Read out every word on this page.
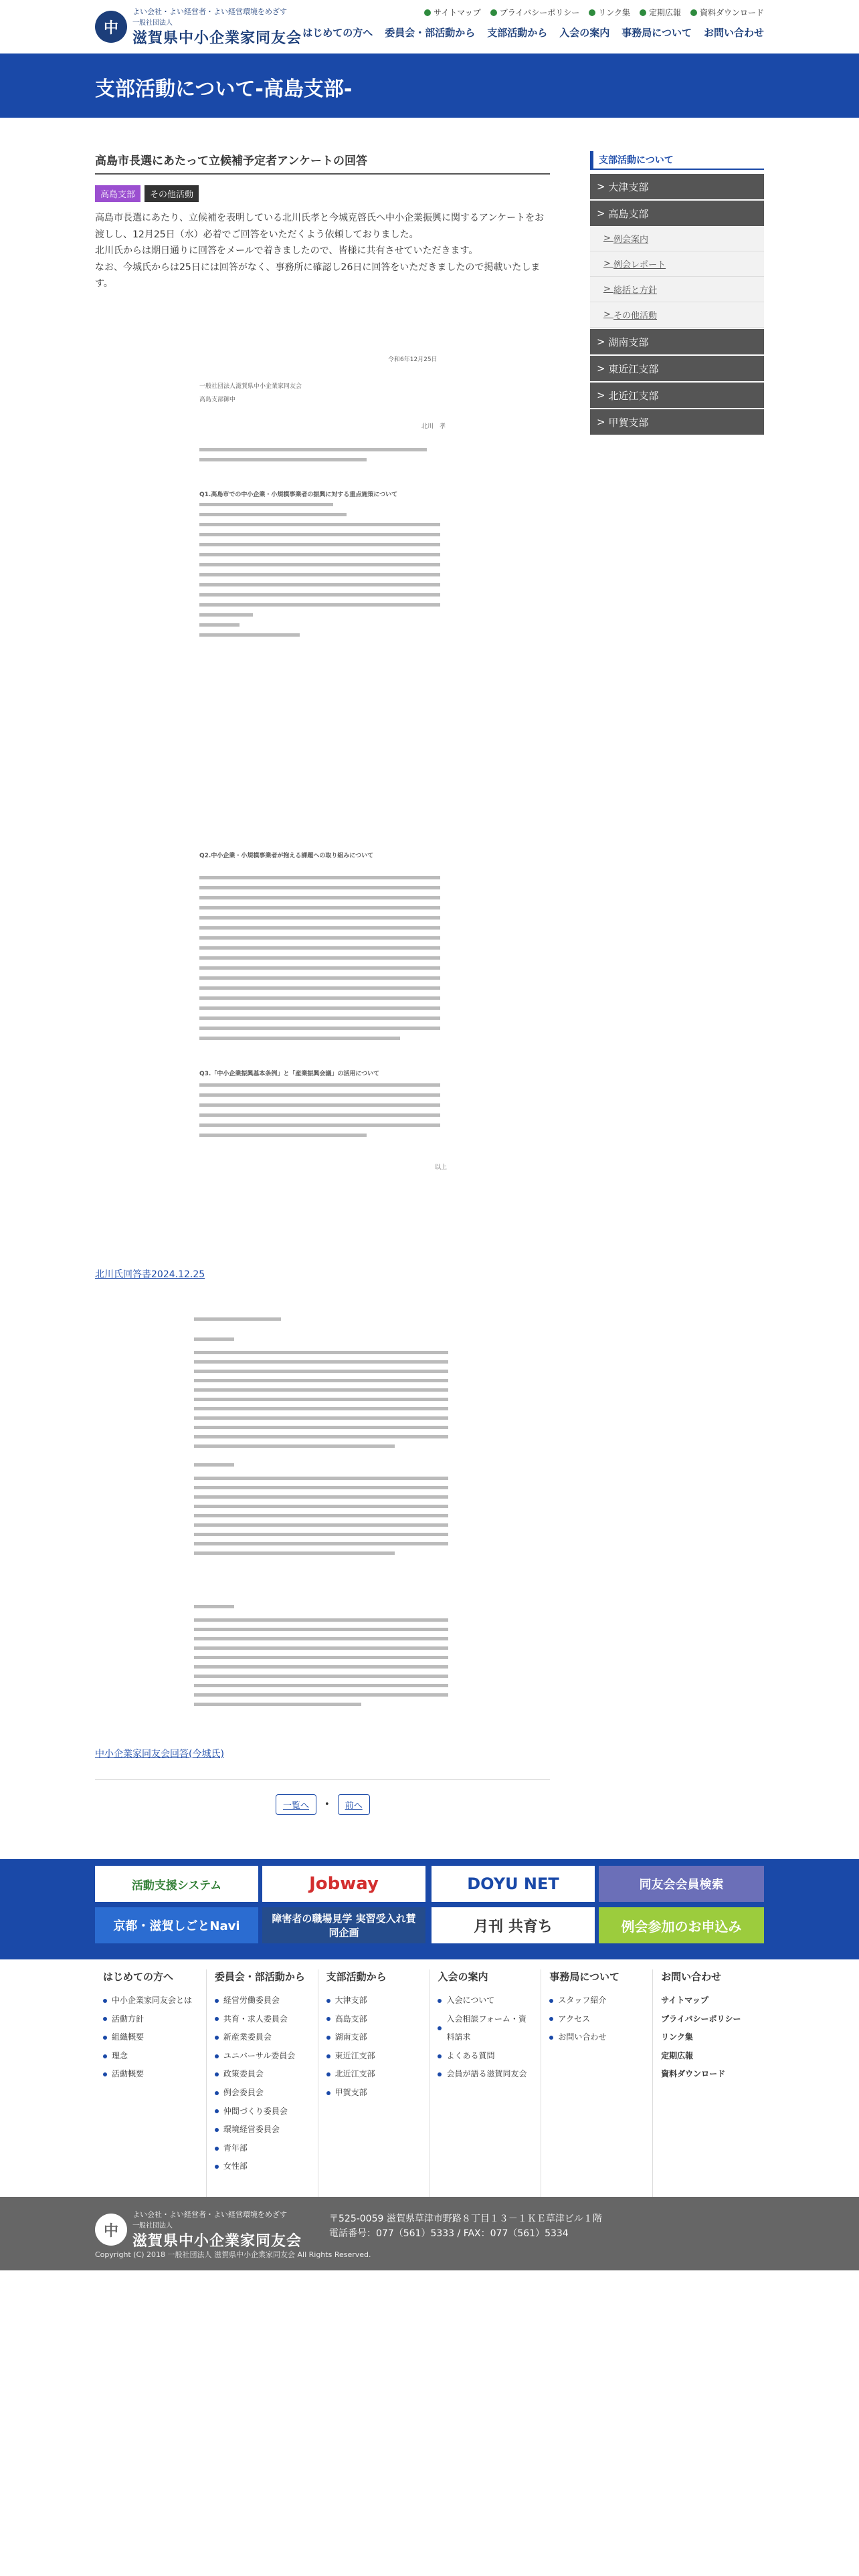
中
よい会社・よい経営者・よい経営環境をめざす
一般社団法人
滋賀県中小企業家同友会
サイトマップ プライバシーポリシー リンク集 定期広報 資料ダウンロード
はじめての方へ 委員会・部活動から 支部活動から 入会の案内 事務局について お問い合わせ
支部活動について-高島支部-
高島市長選にあたって立候補予定者アンケートの回答
高島支部	その他活動

高島市長選にあたり、立候補を表明している北川氏孝と今城克啓氏へ中小企業振興に関するアンケートをお渡しし、12月25日（水）必着でご回答をいただくよう依頼しておりました。

北川氏からは期日通りに回答をメールで着きましたので、皆様に共有させていただきます。

なお、今城氏からは25日には回答がなく、事務所に確認し26日に回答をいただきましたので掲載いたします。

令和6年12月25日
一般社団法人滋賀県中小企業家同友会
高島支部御中
北川　孝
Q1.高島市での中小企業・小規模事業者の振興に対する重点施策について
Q2.中小企業・小規模事業者が抱える課題への取り組みについて
Q3.「中小企業振興基本条例」と「産業振興会議」の活用について
以上
北川氏回答書2024.12.25
中小企業家同友会回答(今城氏)
一覧へ	•	前へ
支部活動について
> 大津支部
> 高島支部
> 例会案内
> 例会レポート
> 総括と方針
> その他活動
> 湖南支部
> 東近江支部
> 北近江支部
> 甲賀支部
活動支援システム	Jobway	DOYU NET	同友会会員検索
京都・滋賀しごとNavi
障害者の職場見学 実習受入れ賛同企画	月刊 共育ち	例会参加のお申込み
はじめての方へ
中小企業家同友会とは
活動方針
組織概要
理念
活動概要
委員会・部活動から
経営労働委員会
共育・求人委員会
新産業委員会
ユニバーサル委員会
政策委員会
例会委員会
仲間づくり委員会
環境経営委員会
青年部
女性部
支部活動から
大津支部
高島支部
湖南支部
東近江支部
北近江支部
甲賀支部
入会の案内
入会について
入会相談フォーム・資料請求
よくある質問
会員が語る滋賀同友会
事務局について
スタッフ紹介
アクセス
お問い合わせ
お問い合わせ
サイトマップ
プライバシーポリシー
リンク集
定期広報
資料ダウンロード
中
よい会社・よい経営者・よい経営環境をめざす
一般社団法人
滋賀県中小企業家同友会
〒525-0059 滋賀県草津市野路８丁目１３－１ＫＥ草津ビル１階
電話番号：077（561）5333 / FAX：077（561）5334
Copyright (C) 2018 一般社団法人 滋賀県中小企業家同友会 All Rights Reserved.
